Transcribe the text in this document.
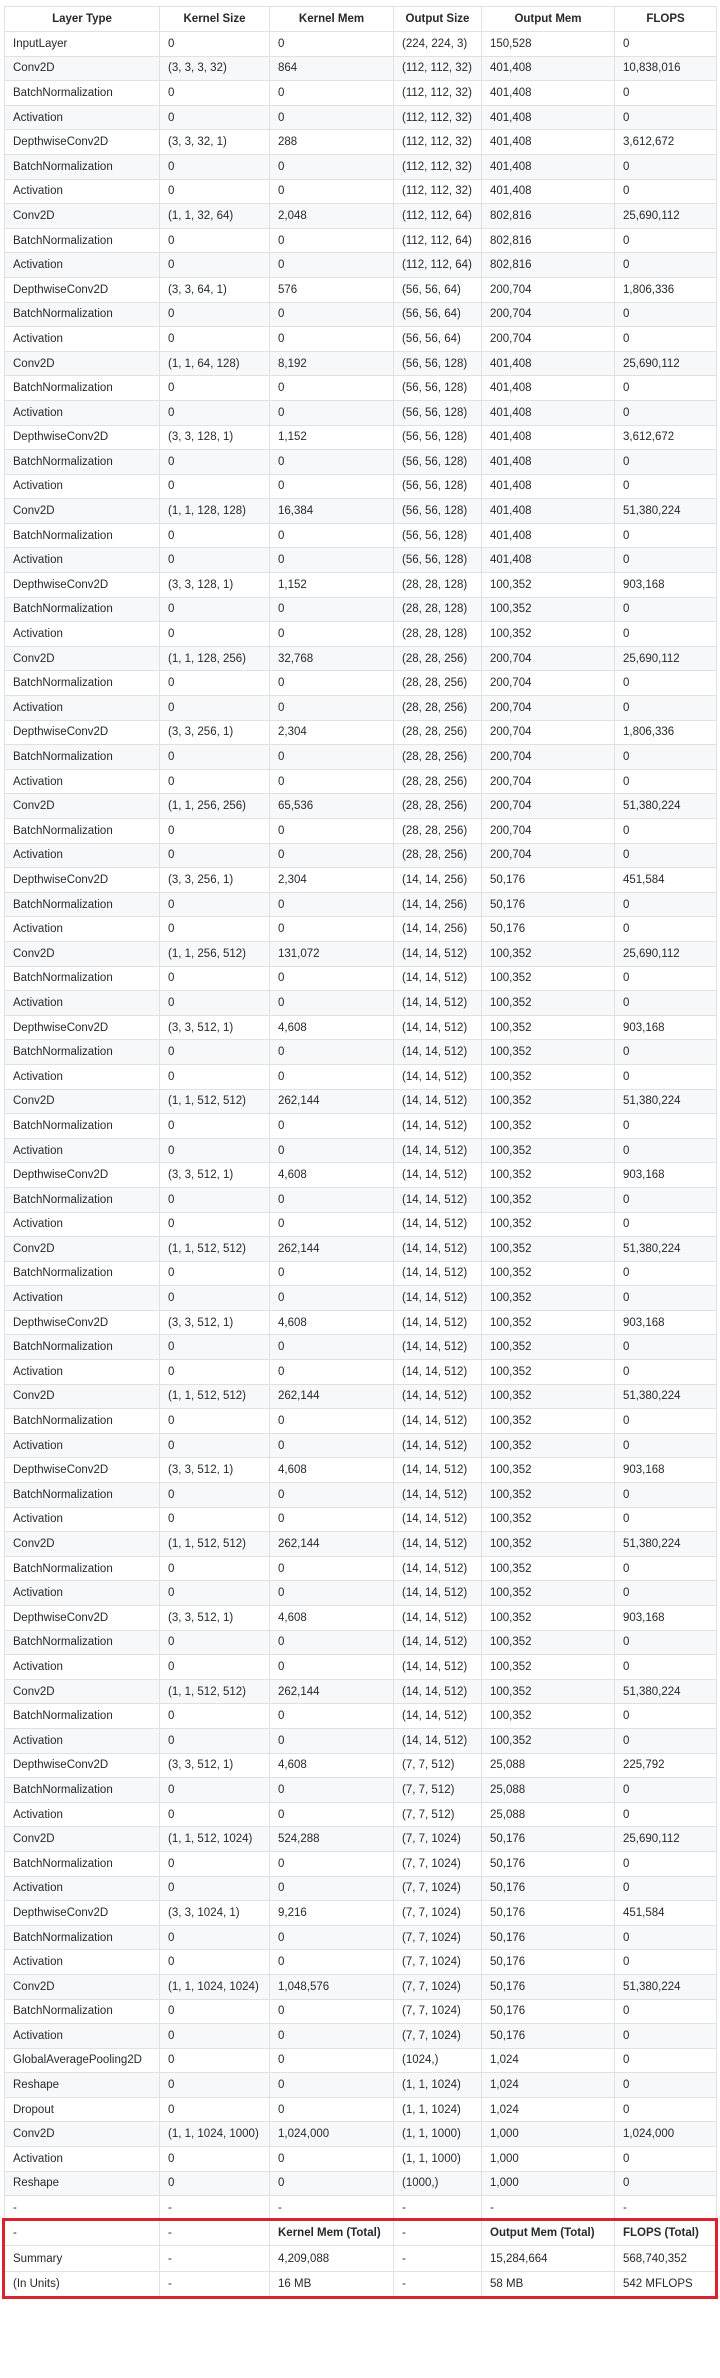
Layer Type	Kernel Size	Kernel Mem	Output Size	Output Mem	FLOPS
InputLayer	0	0	(224, 224, 3)	150,528	0
Conv2D	(3, 3, 3, 32)	864	(112, 112, 32)	401,408	10,838,016
BatchNormalization	0	0	(112, 112, 32)	401,408	0
Activation	0	0	(112, 112, 32)	401,408	0
DepthwiseConv2D	(3, 3, 32, 1)	288	(112, 112, 32)	401,408	3,612,672
BatchNormalization	0	0	(112, 112, 32)	401,408	0
Activation	0	0	(112, 112, 32)	401,408	0
Conv2D	(1, 1, 32, 64)	2,048	(112, 112, 64)	802,816	25,690,112
BatchNormalization	0	0	(112, 112, 64)	802,816	0
Activation	0	0	(112, 112, 64)	802,816	0
DepthwiseConv2D	(3, 3, 64, 1)	576	(56, 56, 64)	200,704	1,806,336
BatchNormalization	0	0	(56, 56, 64)	200,704	0
Activation	0	0	(56, 56, 64)	200,704	0
Conv2D	(1, 1, 64, 128)	8,192	(56, 56, 128)	401,408	25,690,112
BatchNormalization	0	0	(56, 56, 128)	401,408	0
Activation	0	0	(56, 56, 128)	401,408	0
DepthwiseConv2D	(3, 3, 128, 1)	1,152	(56, 56, 128)	401,408	3,612,672
BatchNormalization	0	0	(56, 56, 128)	401,408	0
Activation	0	0	(56, 56, 128)	401,408	0
Conv2D	(1, 1, 128, 128)	16,384	(56, 56, 128)	401,408	51,380,224
BatchNormalization	0	0	(56, 56, 128)	401,408	0
Activation	0	0	(56, 56, 128)	401,408	0
DepthwiseConv2D	(3, 3, 128, 1)	1,152	(28, 28, 128)	100,352	903,168
BatchNormalization	0	0	(28, 28, 128)	100,352	0
Activation	0	0	(28, 28, 128)	100,352	0
Conv2D	(1, 1, 128, 256)	32,768	(28, 28, 256)	200,704	25,690,112
BatchNormalization	0	0	(28, 28, 256)	200,704	0
Activation	0	0	(28, 28, 256)	200,704	0
DepthwiseConv2D	(3, 3, 256, 1)	2,304	(28, 28, 256)	200,704	1,806,336
BatchNormalization	0	0	(28, 28, 256)	200,704	0
Activation	0	0	(28, 28, 256)	200,704	0
Conv2D	(1, 1, 256, 256)	65,536	(28, 28, 256)	200,704	51,380,224
BatchNormalization	0	0	(28, 28, 256)	200,704	0
Activation	0	0	(28, 28, 256)	200,704	0
DepthwiseConv2D	(3, 3, 256, 1)	2,304	(14, 14, 256)	50,176	451,584
BatchNormalization	0	0	(14, 14, 256)	50,176	0
Activation	0	0	(14, 14, 256)	50,176	0
Conv2D	(1, 1, 256, 512)	131,072	(14, 14, 512)	100,352	25,690,112
BatchNormalization	0	0	(14, 14, 512)	100,352	0
Activation	0	0	(14, 14, 512)	100,352	0
DepthwiseConv2D	(3, 3, 512, 1)	4,608	(14, 14, 512)	100,352	903,168
BatchNormalization	0	0	(14, 14, 512)	100,352	0
Activation	0	0	(14, 14, 512)	100,352	0
Conv2D	(1, 1, 512, 512)	262,144	(14, 14, 512)	100,352	51,380,224
BatchNormalization	0	0	(14, 14, 512)	100,352	0
Activation	0	0	(14, 14, 512)	100,352	0
DepthwiseConv2D	(3, 3, 512, 1)	4,608	(14, 14, 512)	100,352	903,168
BatchNormalization	0	0	(14, 14, 512)	100,352	0
Activation	0	0	(14, 14, 512)	100,352	0
Conv2D	(1, 1, 512, 512)	262,144	(14, 14, 512)	100,352	51,380,224
BatchNormalization	0	0	(14, 14, 512)	100,352	0
Activation	0	0	(14, 14, 512)	100,352	0
DepthwiseConv2D	(3, 3, 512, 1)	4,608	(14, 14, 512)	100,352	903,168
BatchNormalization	0	0	(14, 14, 512)	100,352	0
Activation	0	0	(14, 14, 512)	100,352	0
Conv2D	(1, 1, 512, 512)	262,144	(14, 14, 512)	100,352	51,380,224
BatchNormalization	0	0	(14, 14, 512)	100,352	0
Activation	0	0	(14, 14, 512)	100,352	0
DepthwiseConv2D	(3, 3, 512, 1)	4,608	(14, 14, 512)	100,352	903,168
BatchNormalization	0	0	(14, 14, 512)	100,352	0
Activation	0	0	(14, 14, 512)	100,352	0
Conv2D	(1, 1, 512, 512)	262,144	(14, 14, 512)	100,352	51,380,224
BatchNormalization	0	0	(14, 14, 512)	100,352	0
Activation	0	0	(14, 14, 512)	100,352	0
DepthwiseConv2D	(3, 3, 512, 1)	4,608	(14, 14, 512)	100,352	903,168
BatchNormalization	0	0	(14, 14, 512)	100,352	0
Activation	0	0	(14, 14, 512)	100,352	0
Conv2D	(1, 1, 512, 512)	262,144	(14, 14, 512)	100,352	51,380,224
BatchNormalization	0	0	(14, 14, 512)	100,352	0
Activation	0	0	(14, 14, 512)	100,352	0
DepthwiseConv2D	(3, 3, 512, 1)	4,608	(7, 7, 512)	25,088	225,792
BatchNormalization	0	0	(7, 7, 512)	25,088	0
Activation	0	0	(7, 7, 512)	25,088	0
Conv2D	(1, 1, 512, 1024)	524,288	(7, 7, 1024)	50,176	25,690,112
BatchNormalization	0	0	(7, 7, 1024)	50,176	0
Activation	0	0	(7, 7, 1024)	50,176	0
DepthwiseConv2D	(3, 3, 1024, 1)	9,216	(7, 7, 1024)	50,176	451,584
BatchNormalization	0	0	(7, 7, 1024)	50,176	0
Activation	0	0	(7, 7, 1024)	50,176	0
Conv2D	(1, 1, 1024, 1024)	1,048,576	(7, 7, 1024)	50,176	51,380,224
BatchNormalization	0	0	(7, 7, 1024)	50,176	0
Activation	0	0	(7, 7, 1024)	50,176	0
GlobalAveragePooling2D	0	0	(1024,)	1,024	0
Reshape	0	0	(1, 1, 1024)	1,024	0
Dropout	0	0	(1, 1, 1024)	1,024	0
Conv2D	(1, 1, 1024, 1000)	1,024,000	(1, 1, 1000)	1,000	1,024,000
Activation	0	0	(1, 1, 1000)	1,000	0
Reshape	0	0	(1000,)	1,000	0
-	-	-	-	-	-
-	-	Kernel Mem (Total)	-	Output Mem (Total)	FLOPS (Total)
Summary	-	4,209,088	-	15,284,664	568,740,352
(In Units)	-	16 MB	-	58 MB	542 MFLOPS
